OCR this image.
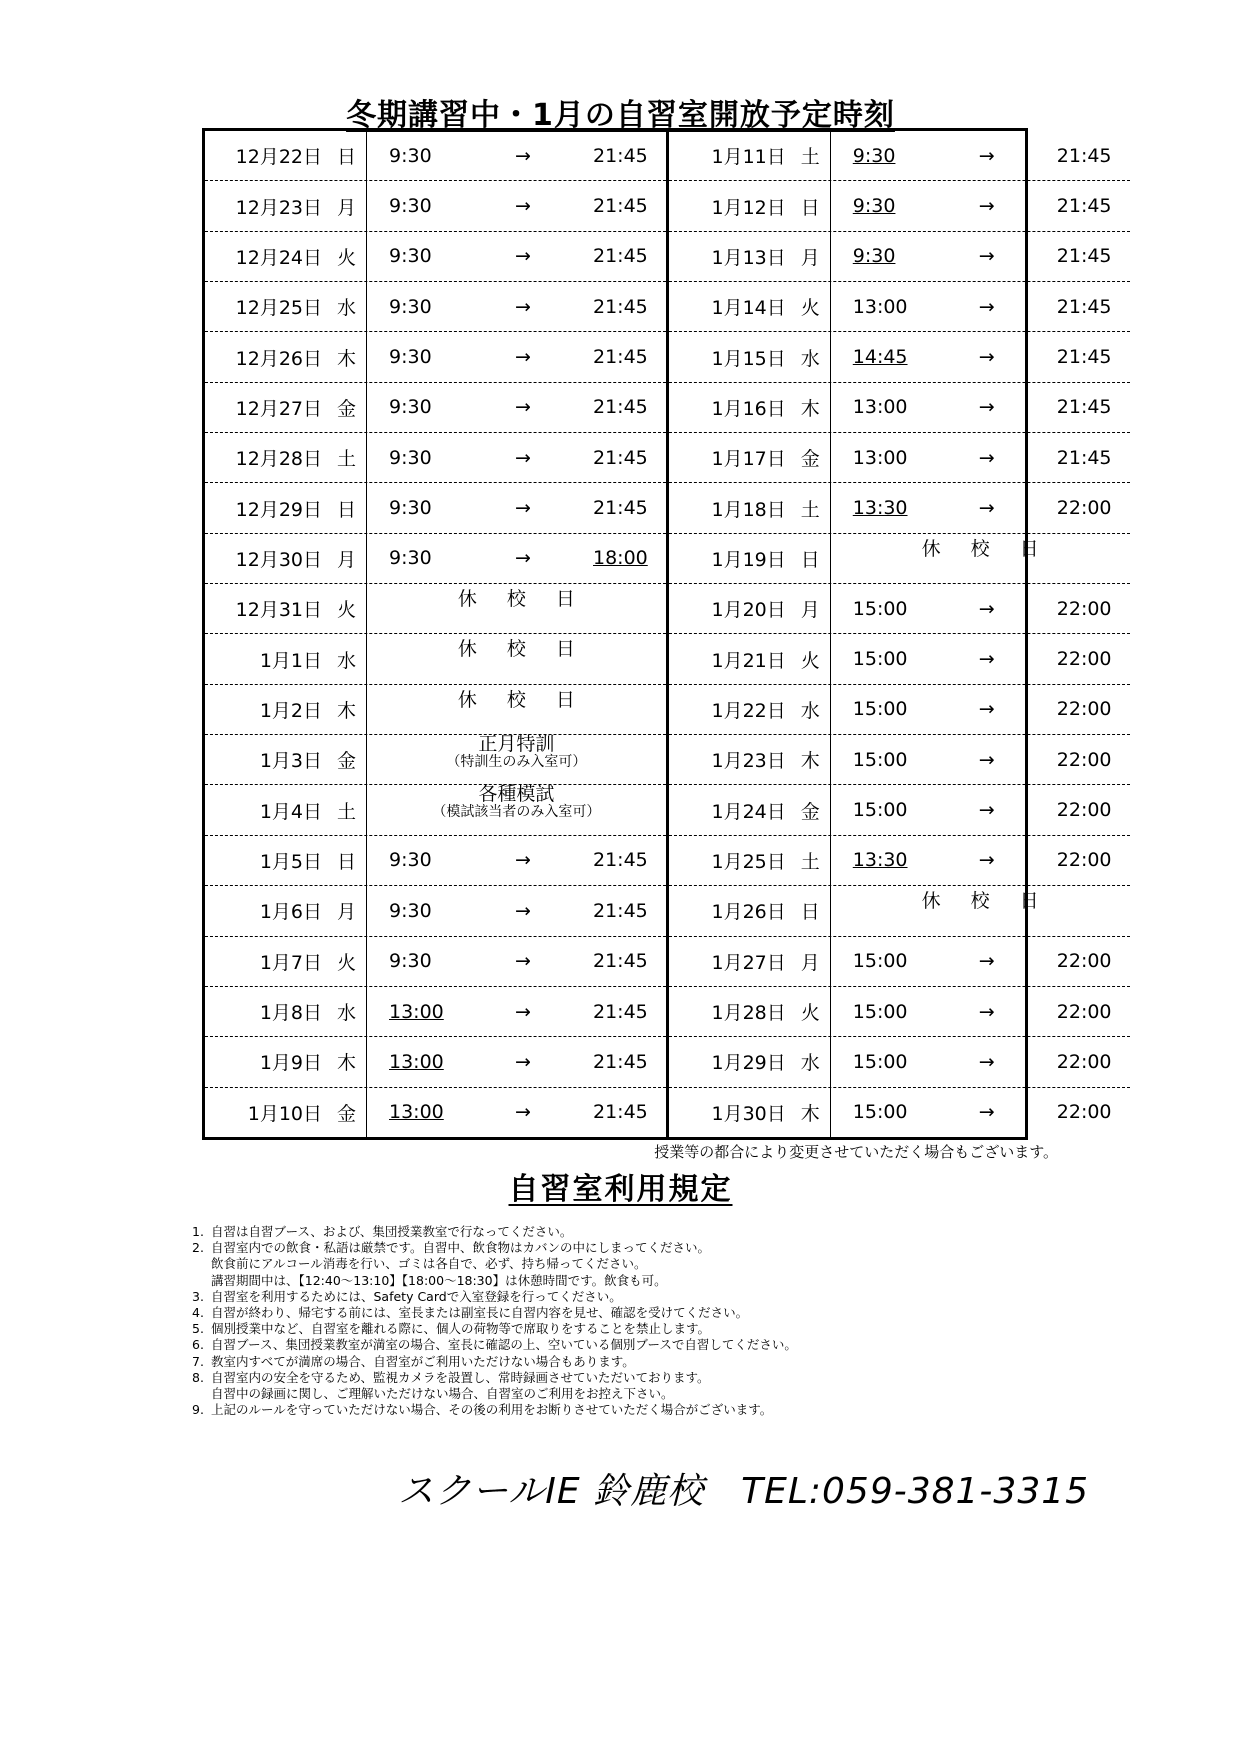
冬期講習中・1月の自習室開放予定時刻
12月22日 日	9:30	→	21:45
12月23日 月	9:30	→	21:45
12月24日 火	9:30	→	21:45
12月25日 水	9:30	→	21:45
12月26日 木	9:30	→	21:45
12月27日 金	9:30	→	21:45
12月28日 土	9:30	→	21:45
12月29日 日	9:30	→	21:45
12月30日 月	9:30	→	18:00
12月31日 火
休 校 日
1月1日 水
休 校 日
1月2日 木
休 校 日
1月3日 金
正月特訓
（特訓生のみ入室可）
1月4日 土
各種模試
（模試該当者のみ入室可）
1月5日 日	9:30	→	21:45
1月6日 月	9:30	→	21:45
1月7日 火	9:30	→	21:45
1月8日 水	13:00	→	21:45
1月9日 木	13:00	→	21:45
1月10日 金	13:00	→	21:45
1月11日 土	9:30	→	21:45
1月12日 日	9:30	→	21:45
1月13日 月	9:30	→	21:45
1月14日 火	13:00	→	21:45
1月15日 水	14:45	→	21:45
1月16日 木	13:00	→	21:45
1月17日 金	13:00	→	21:45
1月18日 土	13:30	→	22:00
1月19日 日
休 校 日
1月20日 月	15:00	→	22:00
1月21日 火	15:00	→	22:00
1月22日 水	15:00	→	22:00
1月23日 木	15:00	→	22:00
1月24日 金	15:00	→	22:00
1月25日 土	13:30	→	22:00
1月26日 日
休 校 日
1月27日 月	15:00	→	22:00
1月28日 火	15:00	→	22:00
1月29日 水	15:00	→	22:00
1月30日 木	15:00	→	22:00
授業等の都合により変更させていただく場合もございます。
自習室利用規定
1. 自習は自習ブース、および、集団授業教室で行なってください。
2. 自習室内での飲食・私語は厳禁です。自習中、飲食物はカバンの中にしまってください。
飲食前にアルコール消毒を行い、ゴミは各自で、必ず、持ち帰ってください。
講習期間中は、【12:40～13:10】【18:00～18:30】は休憩時間です。飲食も可。
3. 自習室を利用するためには、Safety Cardで入室登録を行ってください。
4. 自習が終わり、帰宅する前には、室長または副室長に自習内容を見せ、確認を受けてください。
5. 個別授業中など、自習室を離れる際に、個人の荷物等で席取りをすることを禁止します。
6. 自習ブース、集団授業教室が満室の場合、室長に確認の上、空いている個別ブースで自習してください。
7. 教室内すべてが満席の場合、自習室がご利用いただけない場合もあります。
8. 自習室内の安全を守るため、監視カメラを設置し、常時録画させていただいております。
自習中の録画に関し、ご理解いただけない場合、自習室のご利用をお控え下さい。
9. 上記のルールを守っていただけない場合、その後の利用をお断りさせていただく場合がございます。
スクールIE 鈴鹿校　TEL:059-381-3315
